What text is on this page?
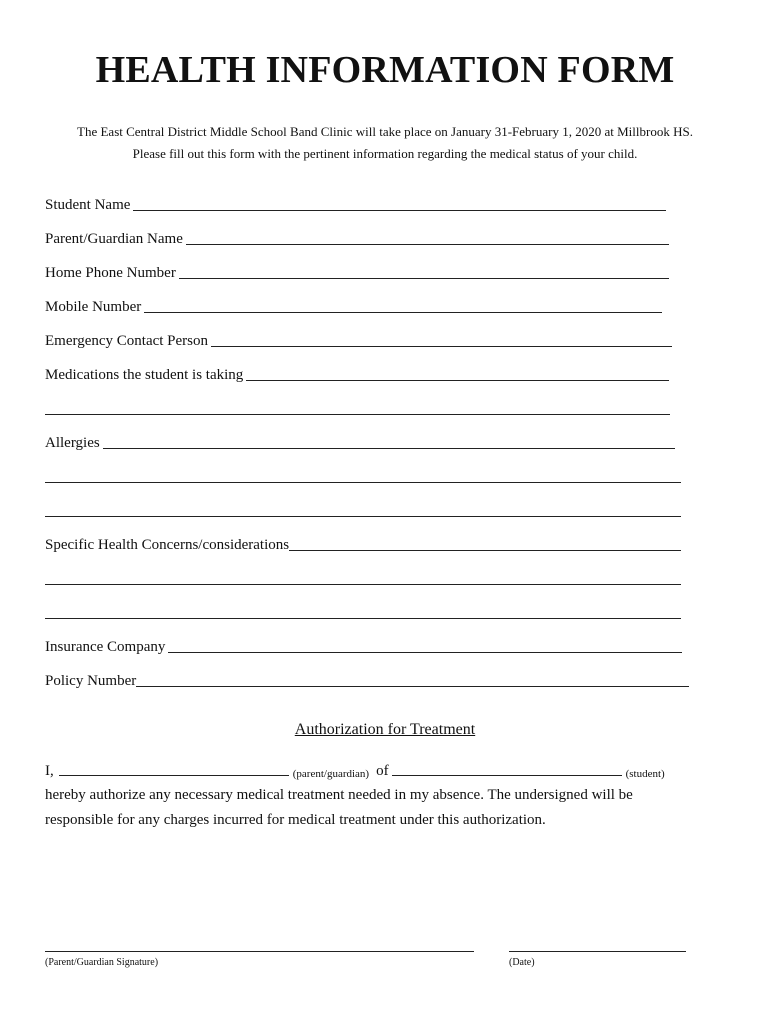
HEALTH INFORMATION FORM
The East Central District Middle School Band Clinic will take place on January 31-February 1, 2020 at Millbrook HS.
Please fill out this form with the pertinent information regarding the medical status of your child.
Student Name
Parent/Guardian Name
Home Phone Number
Mobile Number
Emergency Contact Person
Medications the student is taking
Allergies
Specific Health Concerns/considerations
Insurance Company
Policy Number
Authorization for Treatment
I,	(parent/guardian) of	(student)
hereby authorize any necessary medical treatment needed in my absence. The undersigned will be
responsible for any charges incurred for medical treatment under this authorization.
(Parent/Guardian Signature)	(Date)
